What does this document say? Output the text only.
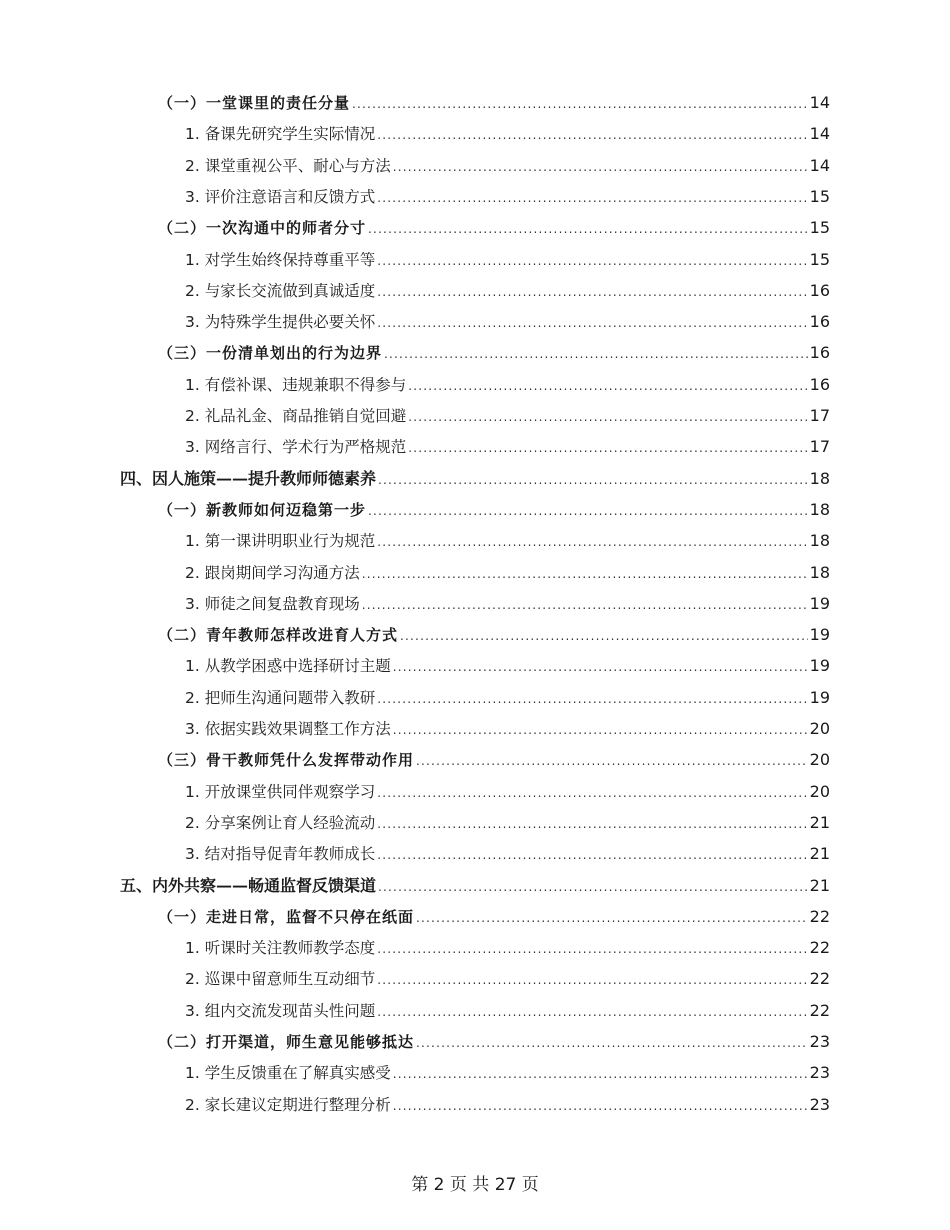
（一）一堂课里的责任分量 .....	14
1. 备课先研究学生实际情况 .....	14
2. 课堂重视公平、耐心与方法 .....	14
3. 评价注意语言和反馈方式 .....	15
（二）一次沟通中的师者分寸 .....	15
1. 对学生始终保持尊重平等 .....	15
2. 与家长交流做到真诚适度 .....	16
3. 为特殊学生提供必要关怀 .....	16
（三）一份清单划出的行为边界 .....	16
1. 有偿补课、违规兼职不得参与 .....	16
2. 礼品礼金、商品推销自觉回避 .....	17
3. 网络言行、学术行为严格规范 .....	17
四、因人施策——提升教师师德素养 .....	18
（一）新教师如何迈稳第一步 .....	18
1. 第一课讲明职业行为规范 .....	18
2. 跟岗期间学习沟通方法 .....	18
3. 师徒之间复盘教育现场 .....	19
（二）青年教师怎样改进育人方式 .....	19
1. 从教学困惑中选择研讨主题 .....	19
2. 把师生沟通问题带入教研 .....	19
3. 依据实践效果调整工作方法 .....	20
（三）骨干教师凭什么发挥带动作用 .....	20
1. 开放课堂供同伴观察学习 .....	20
2. 分享案例让育人经验流动 .....	21
3. 结对指导促青年教师成长 .....	21
五、内外共察——畅通监督反馈渠道 .....	21
（一）走进日常，监督不只停在纸面 .....	22
1. 听课时关注教师教学态度 .....	22
2. 巡课中留意师生互动细节 .....	22
3. 组内交流发现苗头性问题 .....	22
（二）打开渠道，师生意见能够抵达 .....	23
1. 学生反馈重在了解真实感受 .....	23
2. 家长建议定期进行整理分析 .....	23
第 2 页 共 27 页
